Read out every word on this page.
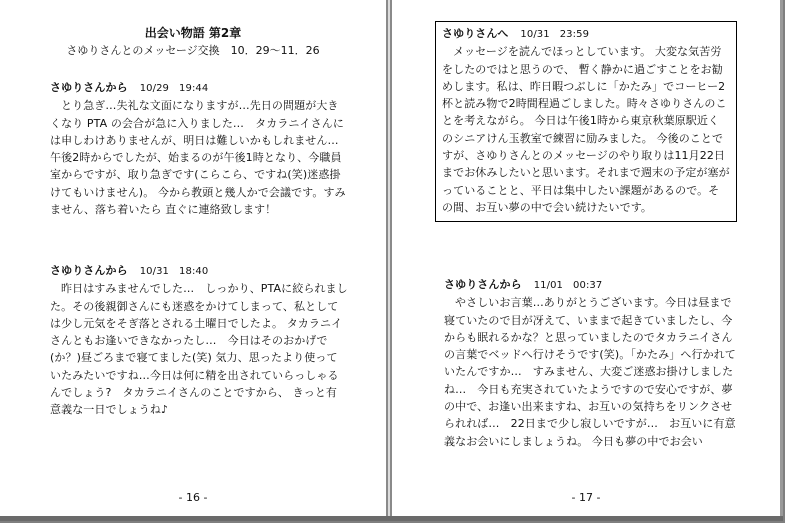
出会い物語 第2章
さゆりさんとのメッセージ交換　10．29～11．26
さゆりさんから 10/29 19:44
とり急ぎ…失礼な文面になりますが…先日の問題が大きくなり PTA の会合が急に入りました…　タカラニイさんには申しわけありませんが、明日は難しいかもしれません…　午後2時からでしたが、始まるのが午後1時となり、今職員室からですが、取り急ぎです(こらこら、ですね(笑)迷惑掛けてもいけません)。 今から教頭と幾人かで会議です。すみません、落ち着いたら 直ぐに連絡致します！
さゆりさんから 10/31 18:40
昨日はすみませんでした…　しっかり、PTAに絞られました。その後親御さんにも迷惑をかけてしまって、私としては少し元気をそぎ落とされる土曜日でしたよ。 タカラニイさんともお逢いできなかったし…　今日はそのおかげで(か？)昼ごろまで寝てました(笑) 気力、思ったより使っていたみたいですね…今日は何に精を出されていらっしゃるんでしょう?　タカラニイさんのことですから、 きっと有意義な一日でしょうね♪
- 16 -
さゆりさんへ 10/31 23:59
メッセージを読んでほっとしています。 大変な気苦労をしたのではと思うので、 暫く静かに過ごすことをお勧めします。私は、昨日暇つぶしに「かたみ」でコーヒー2杯と読み物で2時間程過ごしました。時々さゆりさんのことを考えながら。 今日は午後1時から東京秋葉原駅近くのシニアけん玉教室で練習に励みました。 今後のことですが、さゆりさんとのメッセージのやり取りは11月22日までお休みしたいと思います。それまで週末の予定が塞がっていることと、平日は集中したい課題があるので。その間、お互い夢の中で会い続けたいです。
さゆりさんから 11/01 00:37
やさしいお言葉…ありがとうございます。今日は昼まで寝ていたので目が冴えて、いままで起きていましたし、今からも眠れるかな？と思っていましたのでタカラニイさんの言葉でベッドへ行けそうです(笑)。「かたみ」へ行かれていたんですか…　すみません、大変ご迷惑お掛けしましたね…　今日も充実されていたようですので安心ですが、夢の中で、お逢い出来ますね、お互いの気持ちをリンクさせられれば…　22日まで少し寂しいですが…　お互いに有意義なお会いにしましょうね。 今日も夢の中でお会い
- 17 -
